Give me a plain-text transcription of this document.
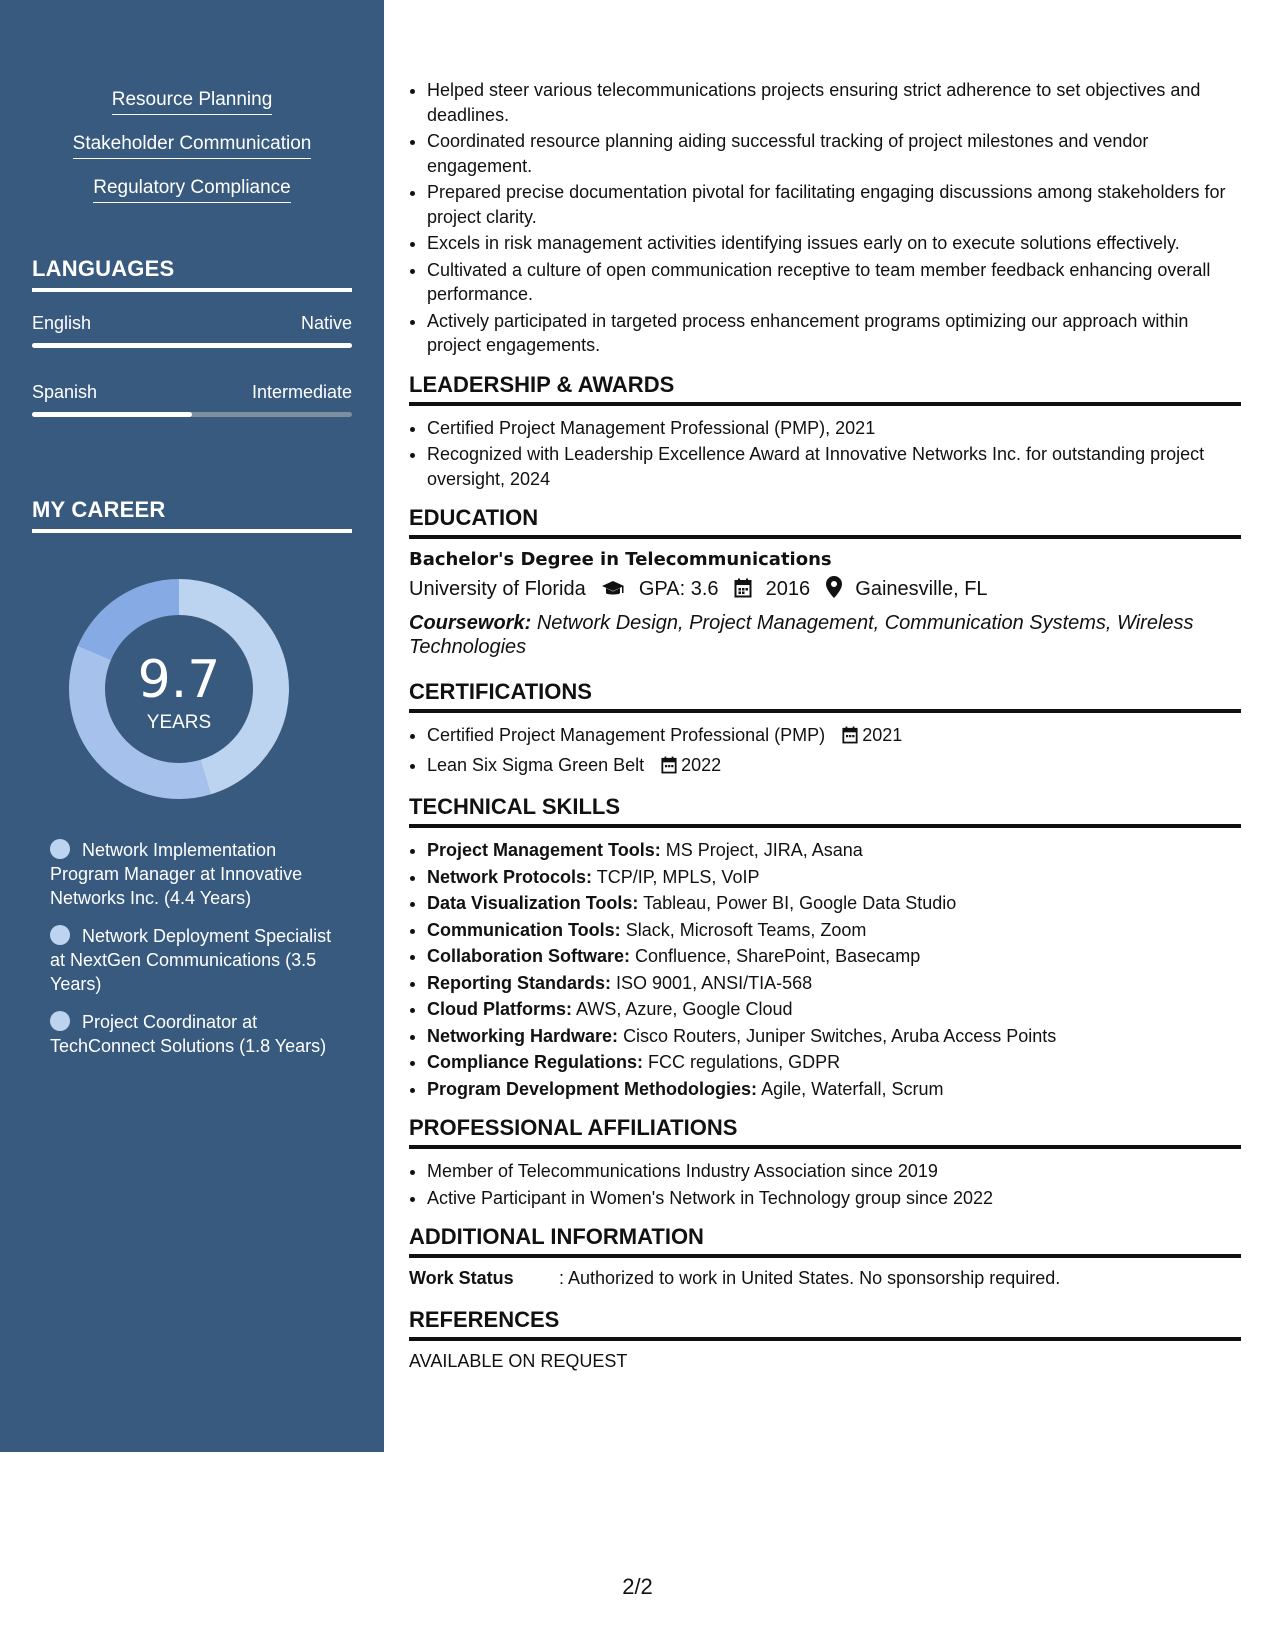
Resource Planning
Stakeholder Communication
Regulatory Compliance
LANGUAGES
English	Native
Spanish	Intermediate
MY CAREER
9.7
YEARS
Network Implementation Program Manager at Innovative Networks Inc. (4.4 Years)
Network Deployment Specialist at NextGen Communications (3.5 Years)
Project Coordinator at TechConnect Solutions (1.8 Years)
• Helped steer various telecommunications projects ensuring strict adherence to set objectives and deadlines.
• Coordinated resource planning aiding successful tracking of project milestones and vendor engagement.
• Prepared precise documentation pivotal for facilitating engaging discussions among stakeholders for project clarity.
• Excels in risk management activities identifying issues early on to execute solutions effectively.
• Cultivated a culture of open communication receptive to team member feedback enhancing overall performance.
• Actively participated in targeted process enhancement programs optimizing our approach within project engagements.
LEADERSHIP & AWARDS
• Certified Project Management Professional (PMP), 2021
• Recognized with Leadership Excellence Award at Innovative Networks Inc. for outstanding project oversight, 2024
EDUCATION
Bachelor's Degree in Telecommunications
University of Florida	GPA: 3.6 2016 Gainesville, FL
Coursework: Network Design, Project Management, Communication Systems, Wireless Technologies
CERTIFICATIONS
• Certified Project Management Professional (PMP) 2021
• Lean Six Sigma Green Belt 2022
TECHNICAL SKILLS
• Project Management Tools: MS Project, JIRA, Asana
• Network Protocols: TCP/IP, MPLS, VoIP
• Data Visualization Tools: Tableau, Power BI, Google Data Studio
• Communication Tools: Slack, Microsoft Teams, Zoom
• Collaboration Software: Confluence, SharePoint, Basecamp
• Reporting Standards: ISO 9001, ANSI/TIA-568
• Cloud Platforms: AWS, Azure, Google Cloud
• Networking Hardware: Cisco Routers, Juniper Switches, Aruba Access Points
• Compliance Regulations: FCC regulations, GDPR
• Program Development Methodologies: Agile, Waterfall, Scrum
PROFESSIONAL AFFILIATIONS
• Member of Telecommunications Industry Association since 2019
• Active Participant in Women's Network in Technology group since 2022
ADDITIONAL INFORMATION
Work Status	: Authorized to work in United States. No sponsorship required.
REFERENCES
AVAILABLE ON REQUEST
2/2
